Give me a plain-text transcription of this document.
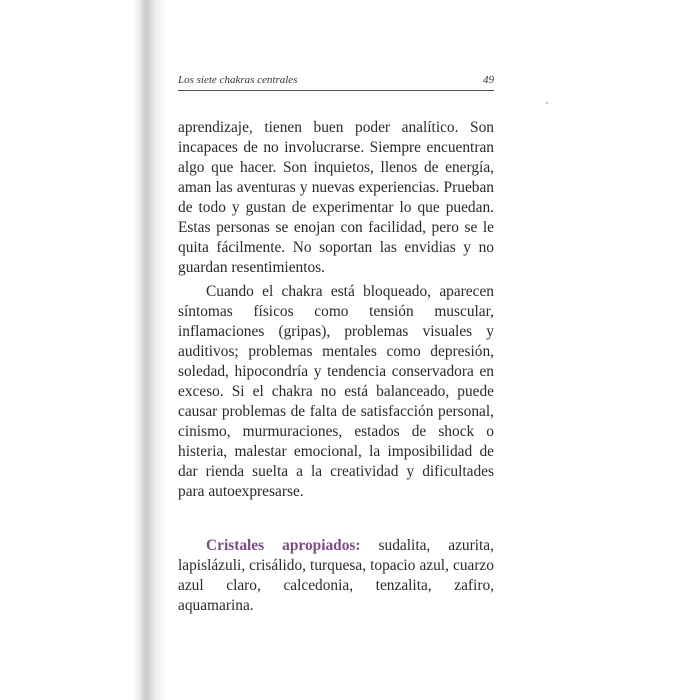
Los siete chakras centrales	49

aprendizaje, tienen buen poder analítico. Son incapaces de no involucrarse. Siempre encuentran algo que hacer. Son inquietos, llenos de energía, aman las aventuras y nuevas experiencias. Prueban de todo y gustan de experimentar lo que puedan. Estas personas se enojan con facilidad, pero se le quita fácilmente. No soportan las envidias y no guardan resentimientos.

Cuando el chakra está bloqueado, aparecen síntomas físicos como tensión muscular, inflamaciones (gripas), problemas visuales y auditivos; problemas mentales como depresión, soledad, hipocondría y tendencia conservadora en exceso. Si el chakra no está balanceado, puede causar problemas de falta de satisfacción personal, cinismo, murmuraciones, estados de shock o histeria, malestar emocional, la imposibilidad de dar rienda suelta a la creatividad y dificultades para autoexpresarse.

Cristales apropiados: sudalita, azurita, lapislázuli, crisálido, turquesa, topacio azul, cuarzo azul claro, calcedonia, tenzalita, zafiro, aquamarina.
